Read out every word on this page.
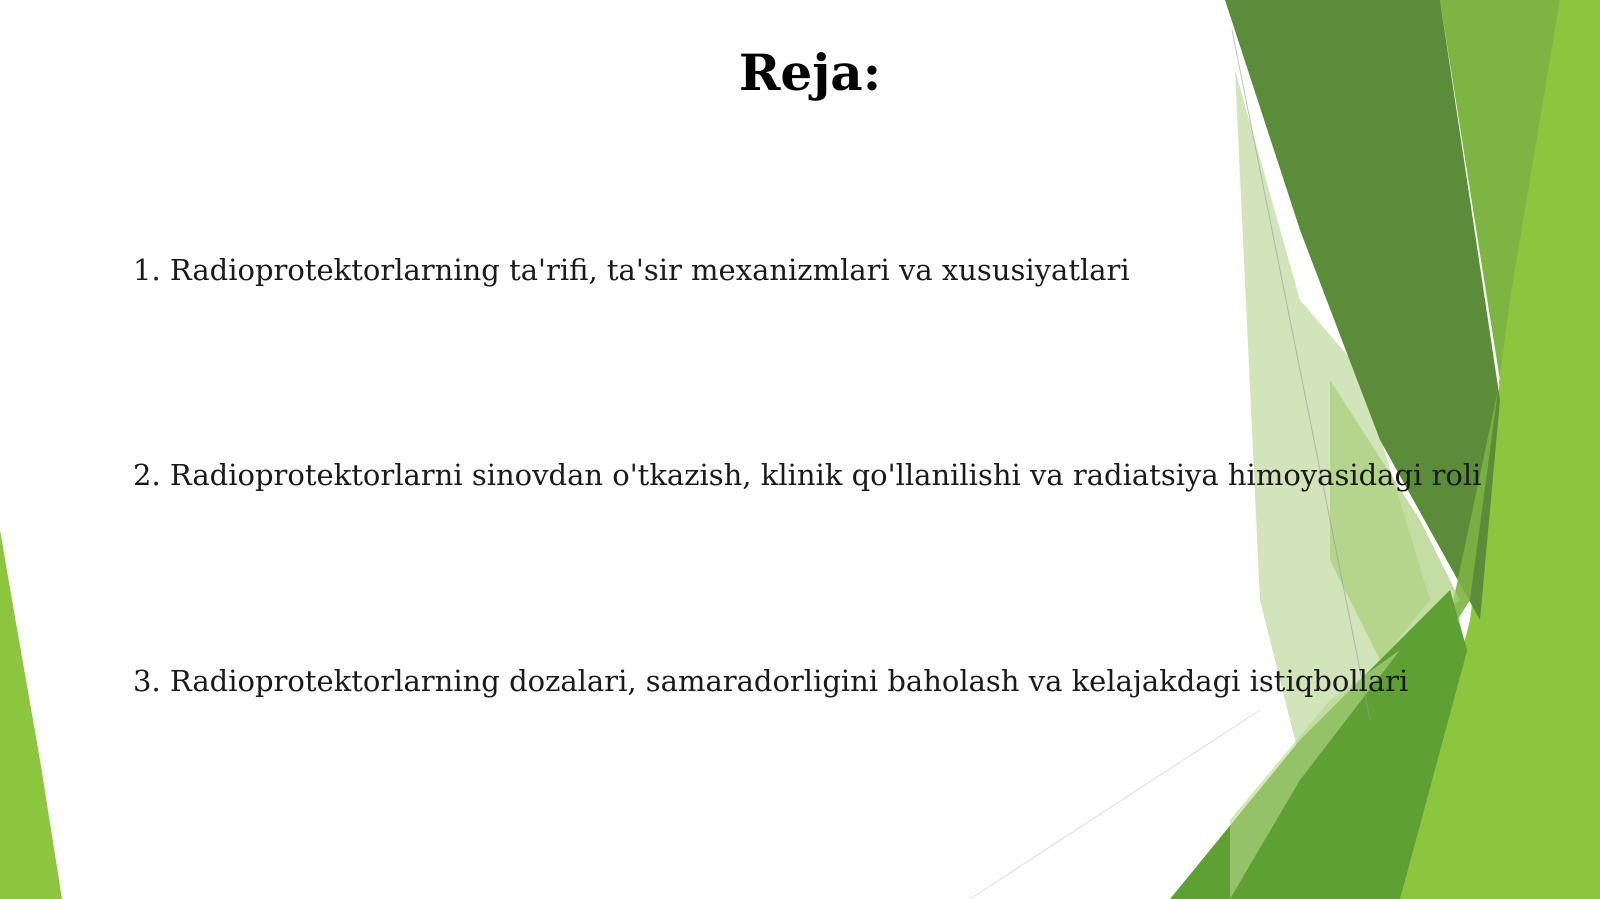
Reja:

1. Radioprotektorlarning ta'rifi, ta'sir mexanizmlari va xususiyatlari

2. Radioprotektorlarni sinovdan o'tkazish, klinik qo'llanilishi va radiatsiya himoyasidagi roli

3. Radioprotektorlarning dozalari, samaradorligini baholash va kelajakdagi istiqbollari
